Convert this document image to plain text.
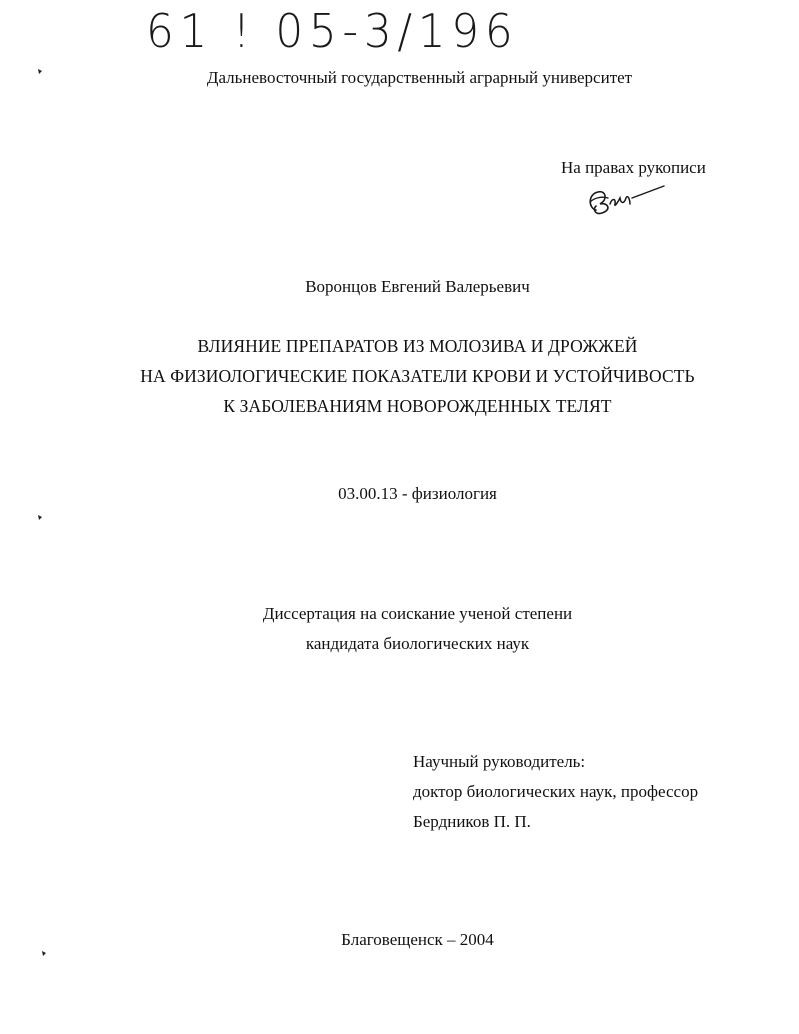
61 ! 05-3/196
Дальневосточный государственный аграрный университет
На правах рукописи
Воронцов Евгений Валерьевич
ВЛИЯНИЕ ПРЕПАРАТОВ ИЗ МОЛОЗИВА И ДРОЖЖЕЙ
НА ФИЗИОЛОГИЧЕСКИЕ ПОКАЗАТЕЛИ КРОВИ И УСТОЙЧИВОСТЬ
К ЗАБОЛЕВАНИЯМ НОВОРОЖДЕННЫХ ТЕЛЯТ
03.00.13 - физиология
Диссертация на соискание ученой степени
кандидата биологических наук
Научный руководитель:
доктор биологических наук, профессор
Бердников П. П.
Благовещенск – 2004
